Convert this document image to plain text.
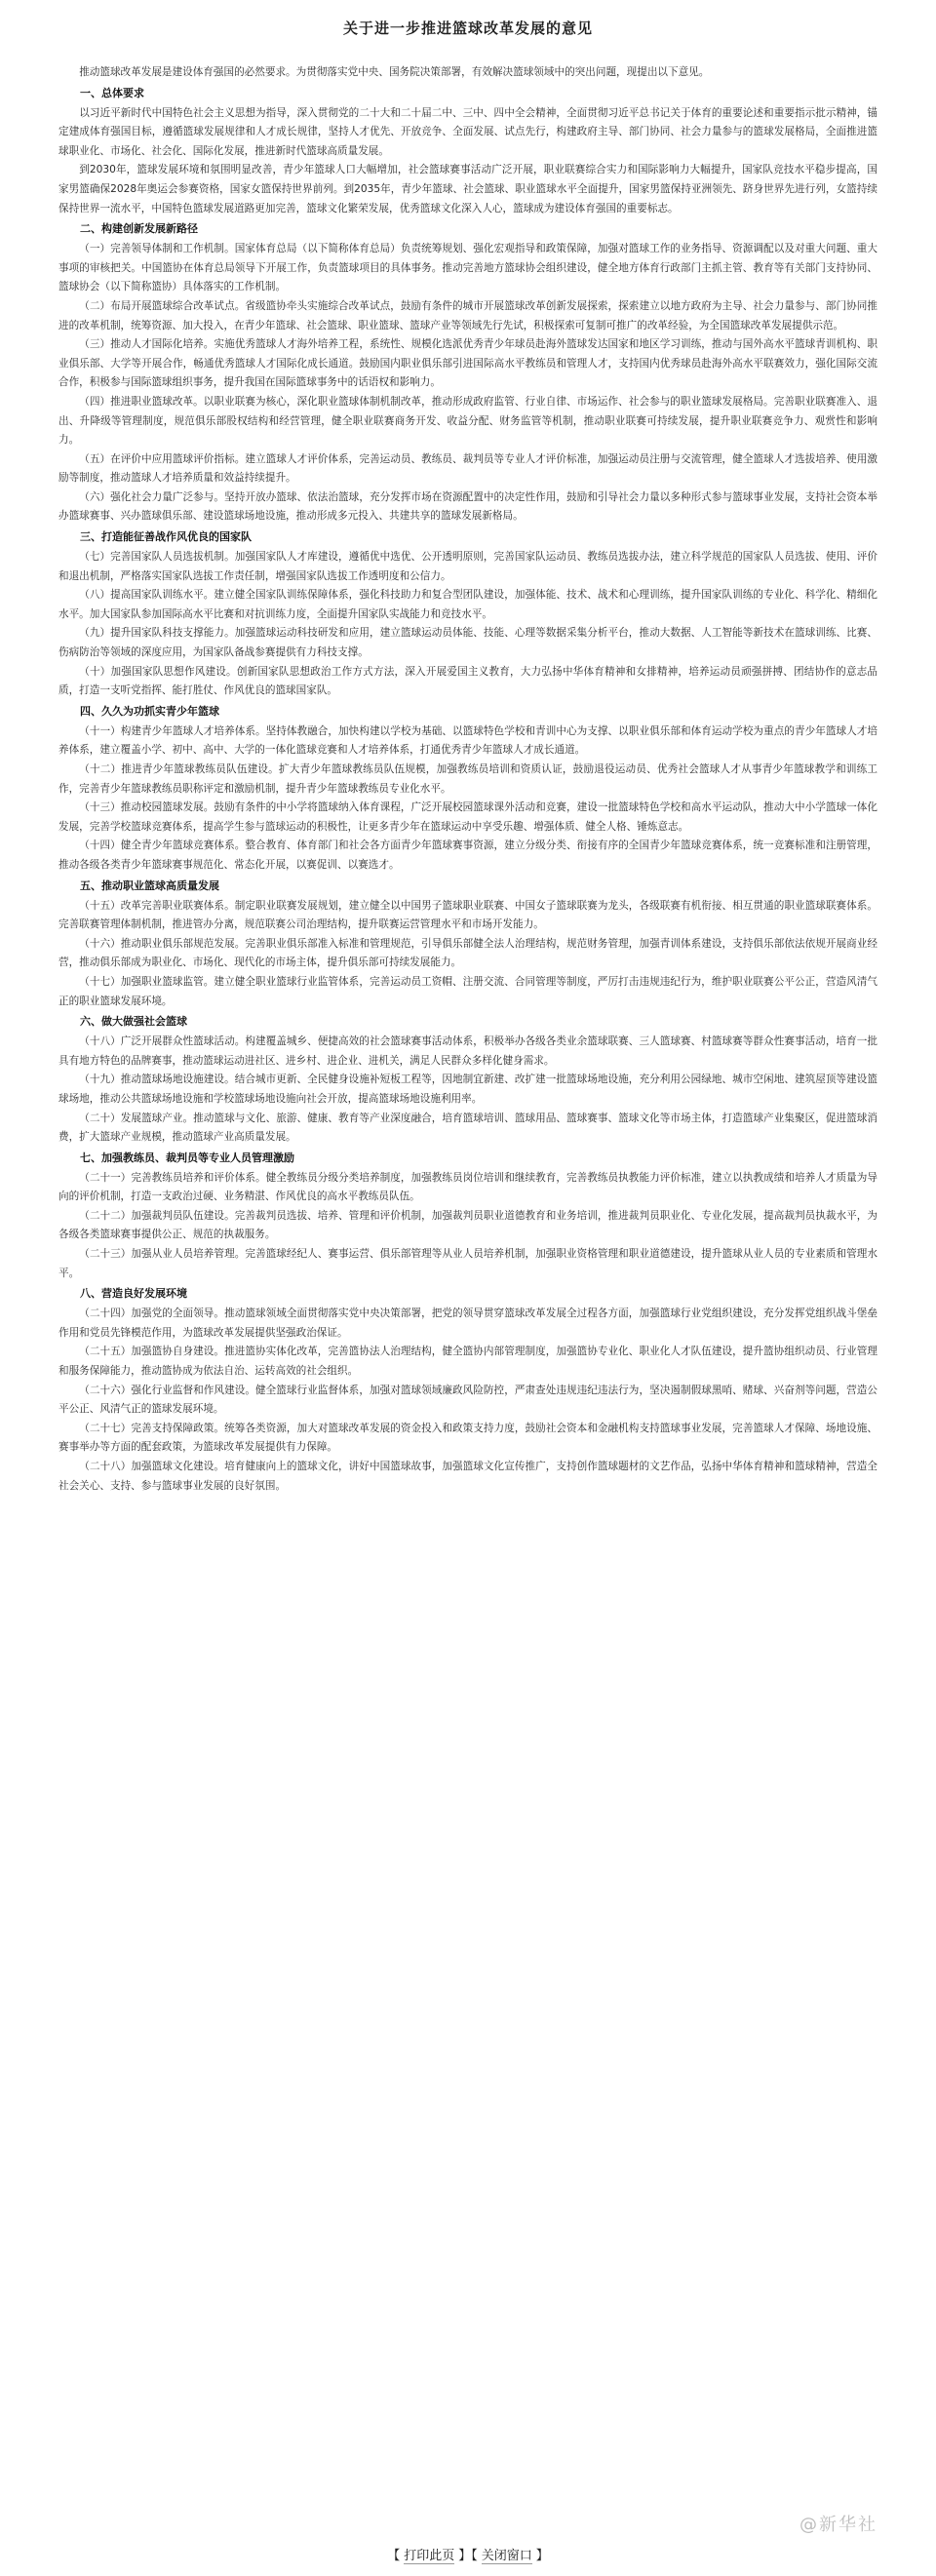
关于进一步推进篮球改革发展的意见

推动篮球改革发展是建设体育强国的必然要求。为贯彻落实党中央、国务院决策部署，有效解决篮球领域中的突出问题，现提出以下意见。

一、总体要求

以习近平新时代中国特色社会主义思想为指导，深入贯彻党的二十大和二十届二中、三中、四中全会精神，全面贯彻习近平总书记关于体育的重要论述和重要指示批示精神，锚定建成体育强国目标，遵循篮球发展规律和人才成长规律，坚持人才优先、开放竞争、全面发展、试点先行，构建政府主导、部门协同、社会力量参与的篮球发展格局，全面推进篮球职业化、市场化、社会化、国际化发展，推进新时代篮球高质量发展。

到2030年，篮球发展环境和氛围明显改善，青少年篮球人口大幅增加，社会篮球赛事活动广泛开展，职业联赛综合实力和国际影响力大幅提升，国家队竞技水平稳步提高，国家男篮确保2028年奥运会参赛资格，国家女篮保持世界前列。到2035年，青少年篮球、社会篮球、职业篮球水平全面提升，国家男篮保持亚洲领先、跻身世界先进行列，女篮持续保持世界一流水平，中国特色篮球发展道路更加完善，篮球文化繁荣发展，优秀篮球文化深入人心，篮球成为建设体育强国的重要标志。

二、构建创新发展新路径

（一）完善领导体制和工作机制。国家体育总局（以下简称体育总局）负责统筹规划、强化宏观指导和政策保障，加强对篮球工作的业务指导、资源调配以及对重大问题、重大事项的审核把关。中国篮协在体育总局领导下开展工作，负责篮球项目的具体事务。推动完善地方篮球协会组织建设，健全地方体育行政部门主抓主管、教育等有关部门支持协同、篮球协会（以下简称篮协）具体落实的工作机制。

（二）布局开展篮球综合改革试点。省级篮协牵头实施综合改革试点，鼓励有条件的城市开展篮球改革创新发展探索，探索建立以地方政府为主导、社会力量参与、部门协同推进的改革机制，统筹资源、加大投入，在青少年篮球、社会篮球、职业篮球、篮球产业等领域先行先试，积极探索可复制可推广的改革经验，为全国篮球改革发展提供示范。

（三）推动人才国际化培养。实施优秀篮球人才海外培养工程，系统性、规模化选派优秀青少年球员赴海外篮球发达国家和地区学习训练，推动与国外高水平篮球青训机构、职业俱乐部、大学等开展合作，畅通优秀篮球人才国际化成长通道。鼓励国内职业俱乐部引进国际高水平教练员和管理人才，支持国内优秀球员赴海外高水平联赛效力，强化国际交流合作，积极参与国际篮球组织事务，提升我国在国际篮球事务中的话语权和影响力。

（四）推进职业篮球改革。以职业联赛为核心，深化职业篮球体制机制改革，推动形成政府监管、行业自律、市场运作、社会参与的职业篮球发展格局。完善职业联赛准入、退出、升降级等管理制度，规范俱乐部股权结构和经营管理，健全职业联赛商务开发、收益分配、财务监管等机制，推动职业联赛可持续发展，提升职业联赛竞争力、观赏性和影响力。

（五）在评价中应用篮球评价指标。建立篮球人才评价体系，完善运动员、教练员、裁判员等专业人才评价标准，加强运动员注册与交流管理，健全篮球人才选拔培养、使用激励等制度，推动篮球人才培养质量和效益持续提升。

（六）强化社会力量广泛参与。坚持开放办篮球、依法治篮球，充分发挥市场在资源配置中的决定性作用，鼓励和引导社会力量以多种形式参与篮球事业发展，支持社会资本举办篮球赛事、兴办篮球俱乐部、建设篮球场地设施，推动形成多元投入、共建共享的篮球发展新格局。

三、打造能征善战作风优良的国家队

（七）完善国家队人员选拔机制。加强国家队人才库建设，遵循优中选优、公开透明原则，完善国家队运动员、教练员选拔办法，建立科学规范的国家队人员选拔、使用、评价和退出机制，严格落实国家队选拔工作责任制，增强国家队选拔工作透明度和公信力。

（八）提高国家队训练水平。建立健全国家队训练保障体系，强化科技助力和复合型团队建设，加强体能、技术、战术和心理训练，提升国家队训练的专业化、科学化、精细化水平。加大国家队参加国际高水平比赛和对抗训练力度，全面提升国家队实战能力和竞技水平。

（九）提升国家队科技支撑能力。加强篮球运动科技研发和应用，建立篮球运动员体能、技能、心理等数据采集分析平台，推动大数据、人工智能等新技术在篮球训练、比赛、伤病防治等领域的深度应用，为国家队备战参赛提供有力科技支撑。

（十）加强国家队思想作风建设。创新国家队思想政治工作方式方法，深入开展爱国主义教育，大力弘扬中华体育精神和女排精神，培养运动员顽强拼搏、团结协作的意志品质，打造一支听党指挥、能打胜仗、作风优良的篮球国家队。

四、久久为功抓实青少年篮球

（十一）构建青少年篮球人才培养体系。坚持体教融合，加快构建以学校为基础、以篮球特色学校和青训中心为支撑、以职业俱乐部和体育运动学校为重点的青少年篮球人才培养体系，建立覆盖小学、初中、高中、大学的一体化篮球竞赛和人才培养体系，打通优秀青少年篮球人才成长通道。

（十二）推进青少年篮球教练员队伍建设。扩大青少年篮球教练员队伍规模，加强教练员培训和资质认证，鼓励退役运动员、优秀社会篮球人才从事青少年篮球教学和训练工作，完善青少年篮球教练员职称评定和激励机制，提升青少年篮球教练员专业化水平。

（十三）推动校园篮球发展。鼓励有条件的中小学将篮球纳入体育课程，广泛开展校园篮球课外活动和竞赛，建设一批篮球特色学校和高水平运动队，推动大中小学篮球一体化发展，完善学校篮球竞赛体系，提高学生参与篮球运动的积极性，让更多青少年在篮球运动中享受乐趣、增强体质、健全人格、锤炼意志。

（十四）健全青少年篮球竞赛体系。整合教育、体育部门和社会各方面青少年篮球赛事资源，建立分级分类、衔接有序的全国青少年篮球竞赛体系，统一竞赛标准和注册管理，推动各级各类青少年篮球赛事规范化、常态化开展，以赛促训、以赛选才。

五、推动职业篮球高质量发展

（十五）改革完善职业联赛体系。制定职业联赛发展规划，建立健全以中国男子篮球职业联赛、中国女子篮球联赛为龙头，各级联赛有机衔接、相互贯通的职业篮球联赛体系。完善联赛管理体制机制，推进管办分离，规范联赛公司治理结构，提升联赛运营管理水平和市场开发能力。

（十六）推动职业俱乐部规范发展。完善职业俱乐部准入标准和管理规范，引导俱乐部健全法人治理结构，规范财务管理，加强青训体系建设，支持俱乐部依法依规开展商业经营，推动俱乐部成为职业化、市场化、现代化的市场主体，提升俱乐部可持续发展能力。

（十七）加强职业篮球监管。建立健全职业篮球行业监管体系，完善运动员工资帽、注册交流、合同管理等制度，严厉打击违规违纪行为，维护职业联赛公平公正，营造风清气正的职业篮球发展环境。

六、做大做强社会篮球

（十八）广泛开展群众性篮球活动。构建覆盖城乡、便捷高效的社会篮球赛事活动体系，积极举办各级各类业余篮球联赛、三人篮球赛、村篮球赛等群众性赛事活动，培育一批具有地方特色的品牌赛事，推动篮球运动进社区、进乡村、进企业、进机关，满足人民群众多样化健身需求。

（十九）推动篮球场地设施建设。结合城市更新、全民健身设施补短板工程等，因地制宜新建、改扩建一批篮球场地设施，充分利用公园绿地、城市空闲地、建筑屋顶等建设篮球场地，推动公共篮球场地设施和学校篮球场地设施向社会开放，提高篮球场地设施利用率。

（二十）发展篮球产业。推动篮球与文化、旅游、健康、教育等产业深度融合，培育篮球培训、篮球用品、篮球赛事、篮球文化等市场主体，打造篮球产业集聚区，促进篮球消费，扩大篮球产业规模，推动篮球产业高质量发展。

七、加强教练员、裁判员等专业人员管理激励

（二十一）完善教练员培养和评价体系。健全教练员分级分类培养制度，加强教练员岗位培训和继续教育，完善教练员执教能力评价标准，建立以执教成绩和培养人才质量为导向的评价机制，打造一支政治过硬、业务精湛、作风优良的高水平教练员队伍。

（二十二）加强裁判员队伍建设。完善裁判员选拔、培养、管理和评价机制，加强裁判员职业道德教育和业务培训，推进裁判员职业化、专业化发展，提高裁判员执裁水平，为各级各类篮球赛事提供公正、规范的执裁服务。

（二十三）加强从业人员培养管理。完善篮球经纪人、赛事运营、俱乐部管理等从业人员培养机制，加强职业资格管理和职业道德建设，提升篮球从业人员的专业素质和管理水平。

八、营造良好发展环境

（二十四）加强党的全面领导。推动篮球领域全面贯彻落实党中央决策部署，把党的领导贯穿篮球改革发展全过程各方面，加强篮球行业党组织建设，充分发挥党组织战斗堡垒作用和党员先锋模范作用，为篮球改革发展提供坚强政治保证。

（二十五）加强篮协自身建设。推进篮协实体化改革，完善篮协法人治理结构，健全篮协内部管理制度，加强篮协专业化、职业化人才队伍建设，提升篮协组织动员、行业管理和服务保障能力，推动篮协成为依法自治、运转高效的社会组织。

（二十六）强化行业监督和作风建设。健全篮球行业监督体系，加强对篮球领域廉政风险防控，严肃查处违规违纪违法行为，坚决遏制假球黑哨、赌球、兴奋剂等问题，营造公平公正、风清气正的篮球发展环境。

（二十七）完善支持保障政策。统筹各类资源，加大对篮球改革发展的资金投入和政策支持力度，鼓励社会资本和金融机构支持篮球事业发展，完善篮球人才保障、场地设施、赛事举办等方面的配套政策，为篮球改革发展提供有力保障。

（二十八）加强篮球文化建设。培育健康向上的篮球文化，讲好中国篮球故事，加强篮球文化宣传推广，支持创作篮球题材的文艺作品，弘扬中华体育精神和篮球精神，营造全社会关心、支持、参与篮球事业发展的良好氛围。

@新华社
【 打印此页 】【 关闭窗口 】
